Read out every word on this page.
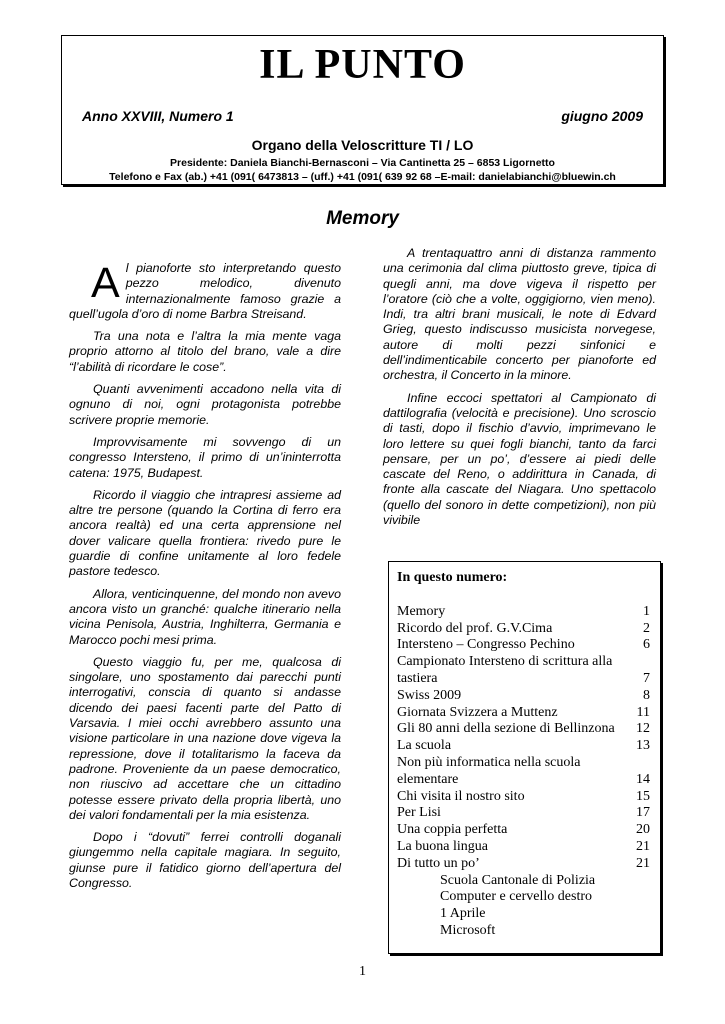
IL PUNTO
Anno XXVIII, Numero 1	giugno 2009
Organo della Veloscritture TI / LO
Presidente: Daniela Bianchi-Bernasconi – Via Cantinetta 25 – 6853 Ligornetto
Telefono e Fax (ab.) +41 (091( 6473813 – (uff.) +41 (091( 639 92 68 –E-mail: danielabianchi@bluewin.ch
Memory

Al pianoforte sto interpretando questo pezzo melodico, divenuto internazionalmente famoso grazie a quell’ugola d’oro di nome Barbra Streisand.

Tra una nota e l’altra la mia mente vaga proprio attorno al titolo del brano, vale a dire “l’abilità di ricordare le cose”.

Quanti avvenimenti accadono nella vita di ognuno di noi, ogni protagonista potrebbe scrivere proprie memorie.

Improvvisamente mi sovvengo di un congresso Intersteno, il primo di un’ininterrotta catena: 1975, Budapest.

Ricordo il viaggio che intrapresi assieme ad altre tre persone (quando la Cortina di ferro era ancora realtà) ed una certa apprensione nel dover valicare quella frontiera: rivedo pure le guardie di confine unitamente al loro fedele pastore tedesco.

Allora, venticinquenne, del mondo non avevo ancora visto un granché: qualche itinerario nella vicina Penisola, Austria, Inghilterra, Germania e Marocco pochi mesi prima.

Questo viaggio fu, per me, qualcosa di singolare, uno spostamento dai parecchi punti interrogativi, conscia di quanto si andasse dicendo dei paesi facenti parte del Patto di Varsavia. I miei occhi avrebbero assunto una visione particolare in una nazione dove vigeva la repressione, dove il totalitarismo la faceva da padrone. Proveniente da un paese democratico, non riuscivo ad accettare che un cittadino potesse essere privato della propria libertà, uno dei valori fondamentali per la mia esistenza.

Dopo i “dovuti” ferrei controlli doganali giungemmo nella capitale magiara. In seguito, giunse pure il fatidico giorno dell’apertura del Congresso.

A trentaquattro anni di distanza rammento una cerimonia dal clima piuttosto greve, tipica di quegli anni, ma dove vigeva il rispetto per l’oratore (ciò che a volte, oggigiorno, vien meno). Indi, tra altri brani musicali, le note di Edvard Grieg, questo indiscusso musicista norvegese, autore di molti pezzi sinfonici e dell’indimenticabile concerto per pianoforte ed orchestra, il Concerto in la minore.

Infine eccoci spettatori al Campionato di dattilografia (velocità e precisione). Uno scroscio di tasti, dopo il fischio d’avvio, imprimevano le loro lettere su quei fogli bianchi, tanto da farci pensare, per un po’, d’essere ai piedi delle cascate del Reno, o addirittura in Canada, di fronte alla cascate del Niagara. Uno spettacolo (quello del sonoro in dette competizioni), non più vivibile

In questo numero:
Memory	1
Ricordo del prof. G.V.Cima	2
Intersteno – Congresso Pechino	6
Campionato Intersteno di scrittura alla tastiera	7
Swiss 2009	8
Giornata Svizzera a Muttenz	11
Gli 80 anni della sezione di Bellinzona 12
La scuola	13
Non più informatica nella scuola elementare	14
Chi visita il nostro sito	15
Per Lisi	17
Una coppia perfetta	20
La buona lingua	21
Di tutto un po’	21
Scuola Cantonale di Polizia
Computer e cervello destro
1 Aprile
Microsoft
1
